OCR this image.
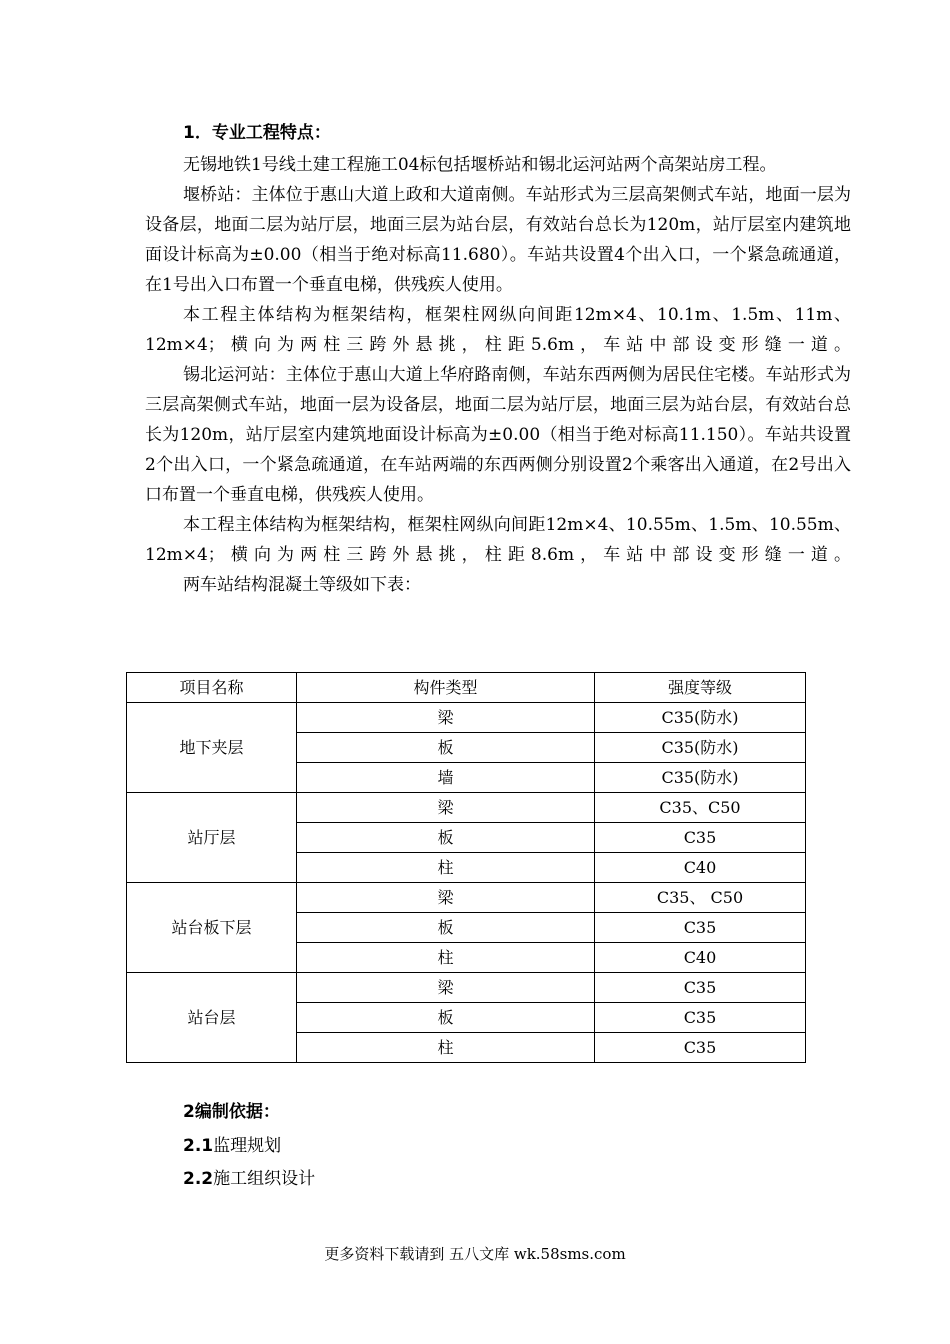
1．专业工程特点：

无锡地铁1号线土建工程施工04标包括堰桥站和锡北运河站两个高架站房工程。

堰桥站：主体位于惠山大道上政和大道南侧。车站形式为三层高架侧式车站，地面一层为设备层，地面二层为站厅层，地面三层为站台层，有效站台总长为120m，站厅层室内建筑地面设计标高为±0.00（相当于绝对标高11.680）。车站共设置4个出入口，一个紧急疏通道，在1号出入口布置一个垂直电梯，供残疾人使用。

本工程主体结构为框架结构，框架柱网纵向间距12m×4、10.1m、1.5m、11m、12m×4；横向为两柱三跨外悬挑，柱距5.6m，车站中部设变形缝一道。

锡北运河站：主体位于惠山大道上华府路南侧，车站东西两侧为居民住宅楼。车站形式为三层高架侧式车站，地面一层为设备层，地面二层为站厅层，地面三层为站台层，有效站台总长为120m，站厅层室内建筑地面设计标高为±0.00（相当于绝对标高11.150）。车站共设置2个出入口，一个紧急疏通道，在车站两端的东西两侧分别设置2个乘客出入通道，在2号出入口布置一个垂直电梯，供残疾人使用。

本工程主体结构为框架结构，框架柱网纵向间距12m×4、10.55m、1.5m、10.55m、12m×4；横向为两柱三跨外悬挑，柱距8.6m，车站中部设变形缝一道。

两车站结构混凝土等级如下表：

项目名称	构件类型	强度等级
地下夹层	梁	C35(防水)
	板	C35(防水)
	墙	C35(防水)
站厅层	梁	C35、C50
	板	C35
	柱	C40
站台板下层	梁	C35、 C50
	板	C35
	柱	C40
站台层	梁	C35
	板	C35
	柱	C35
2编制依据：
2.1监理规划
2.2施工组织设计
更多资料下载请到 五八文库 wk.58sms.com
